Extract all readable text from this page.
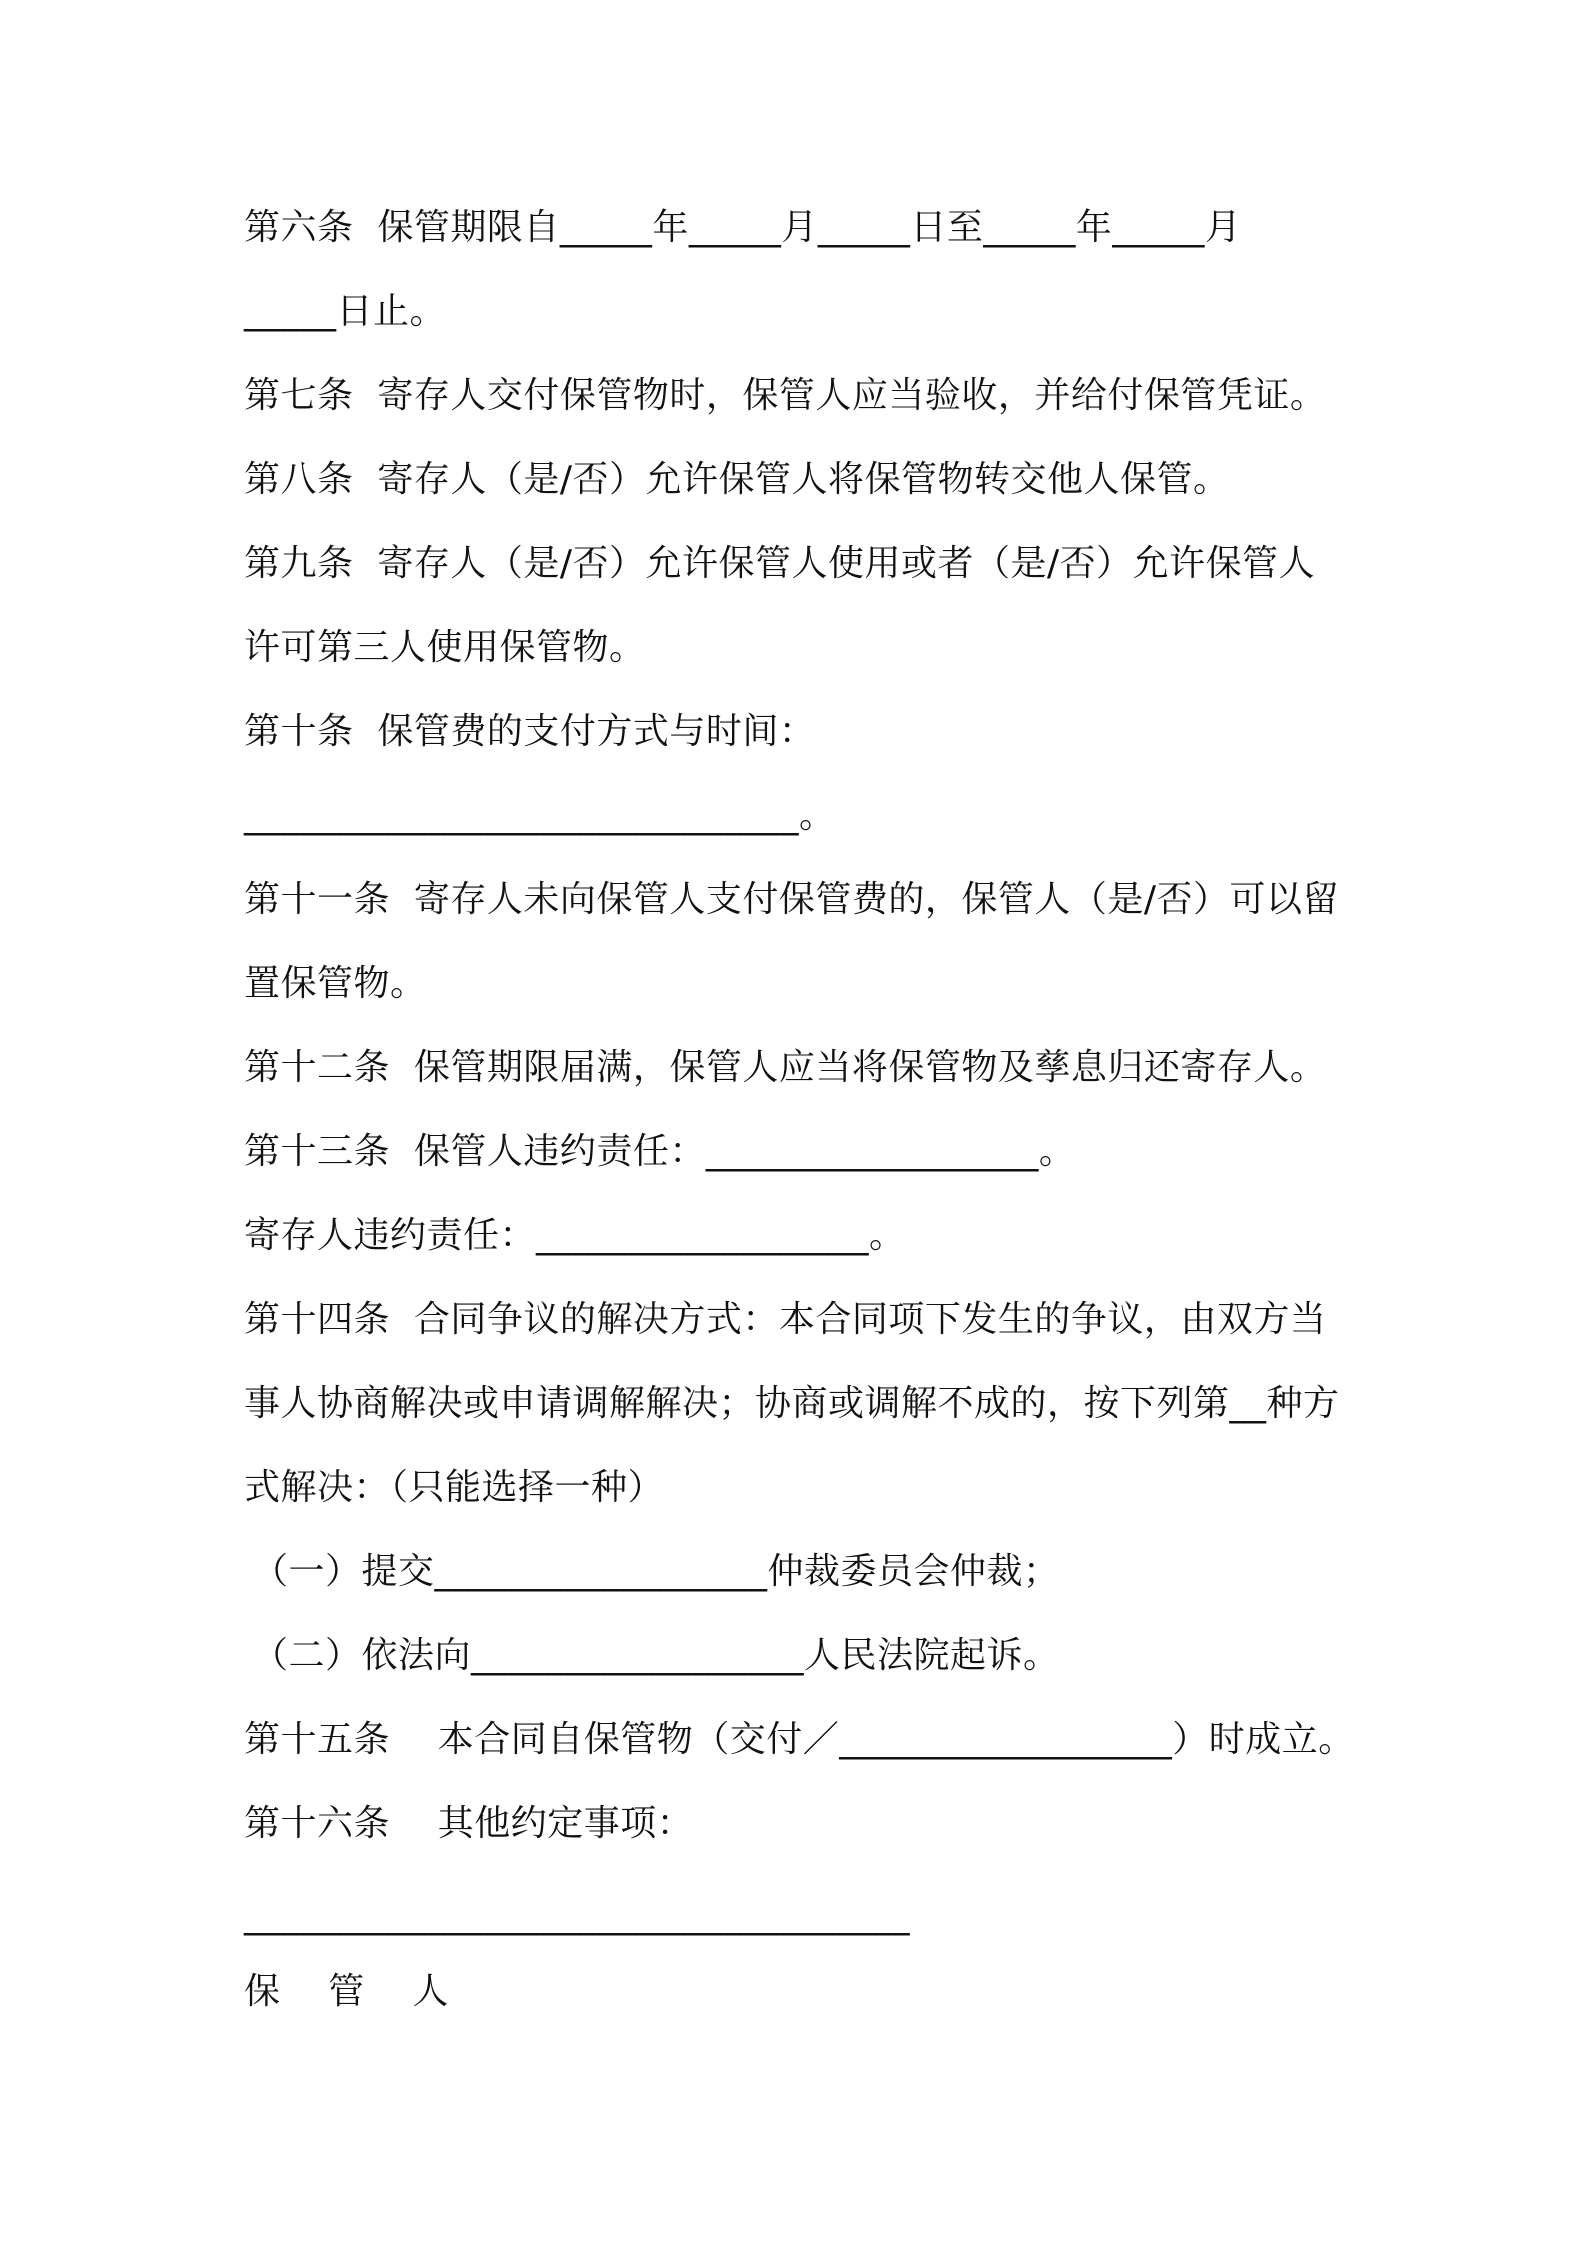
第六条  保管期限自_____年_____月_____日至_____年_____月
_____日止。
第七条  寄存人交付保管物时，保管人应当验收，并给付保管凭证。
第八条  寄存人（是/否）允许保管人将保管物转交他人保管。
第九条  寄存人（是/否）允许保管人使用或者（是/否）允许保管人
许可第三人使用保管物。
第十条  保管费的支付方式与时间：
______________________________。
第十一条  寄存人未向保管人支付保管费的，保管人（是/否）可以留
置保管物。
第十二条  保管期限届满，保管人应当将保管物及孳息归还寄存人。
第十三条  保管人违约责任：__________________。
寄存人违约责任：__________________。
第十四条  合同争议的解决方式：本合同项下发生的争议，由双方当
事人协商解决或申请调解解决；协商或调解不成的，按下列第__种方
式解决：（只能选择一种）
（一）提交__________________仲裁委员会仲裁；
（二）依法向__________________人民法院起诉。
第十五条    本合同自保管物（交付／__________________）时成立。
第十六条    其他约定事项：
____________________________________
保    管    人
